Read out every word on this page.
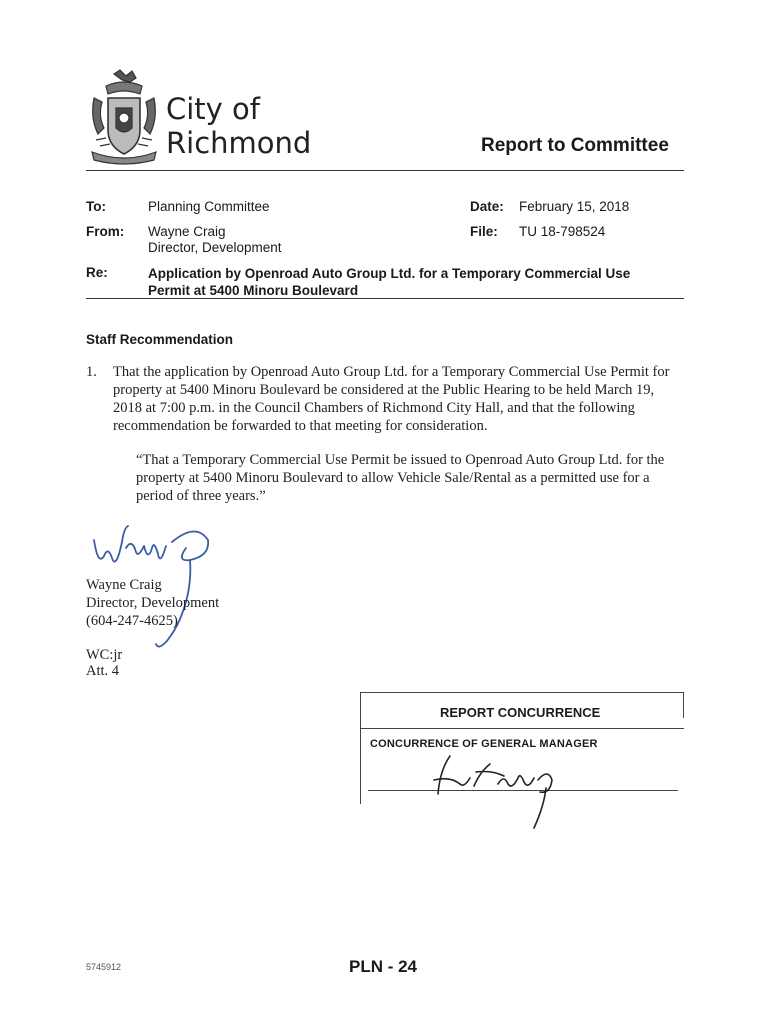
City of
Richmond	Report to Committee
To:	Planning Committee	Date: February 15, 2018
From: Wayne Craig
Director, Development
File: TU 18-798524
Re:	Application by Openroad Auto Group Ltd. for a Temporary Commercial Use Permit at 5400 Minoru Boulevard
Staff Recommendation
1. That the application by Openroad Auto Group Ltd. for a Temporary Commercial Use Permit for property at 5400 Minoru Boulevard be considered at the Public Hearing to be held March 19, 2018 at 7:00 p.m. in the Council Chambers of Richmond City Hall, and that the following recommendation be forwarded to that meeting for consideration.
“That a Temporary Commercial Use Permit be issued to Openroad Auto Group Ltd. for the property at 5400 Minoru Boulevard to allow Vehicle Sale/Rental as a permitted use for a period of three years.”
Wayne Craig
Director, Development
(604-247-4625)
WC:jr
Att. 4
REPORT CONCURRENCE
CONCURRENCE OF GENERAL MANAGER
5745912	PLN - 24
